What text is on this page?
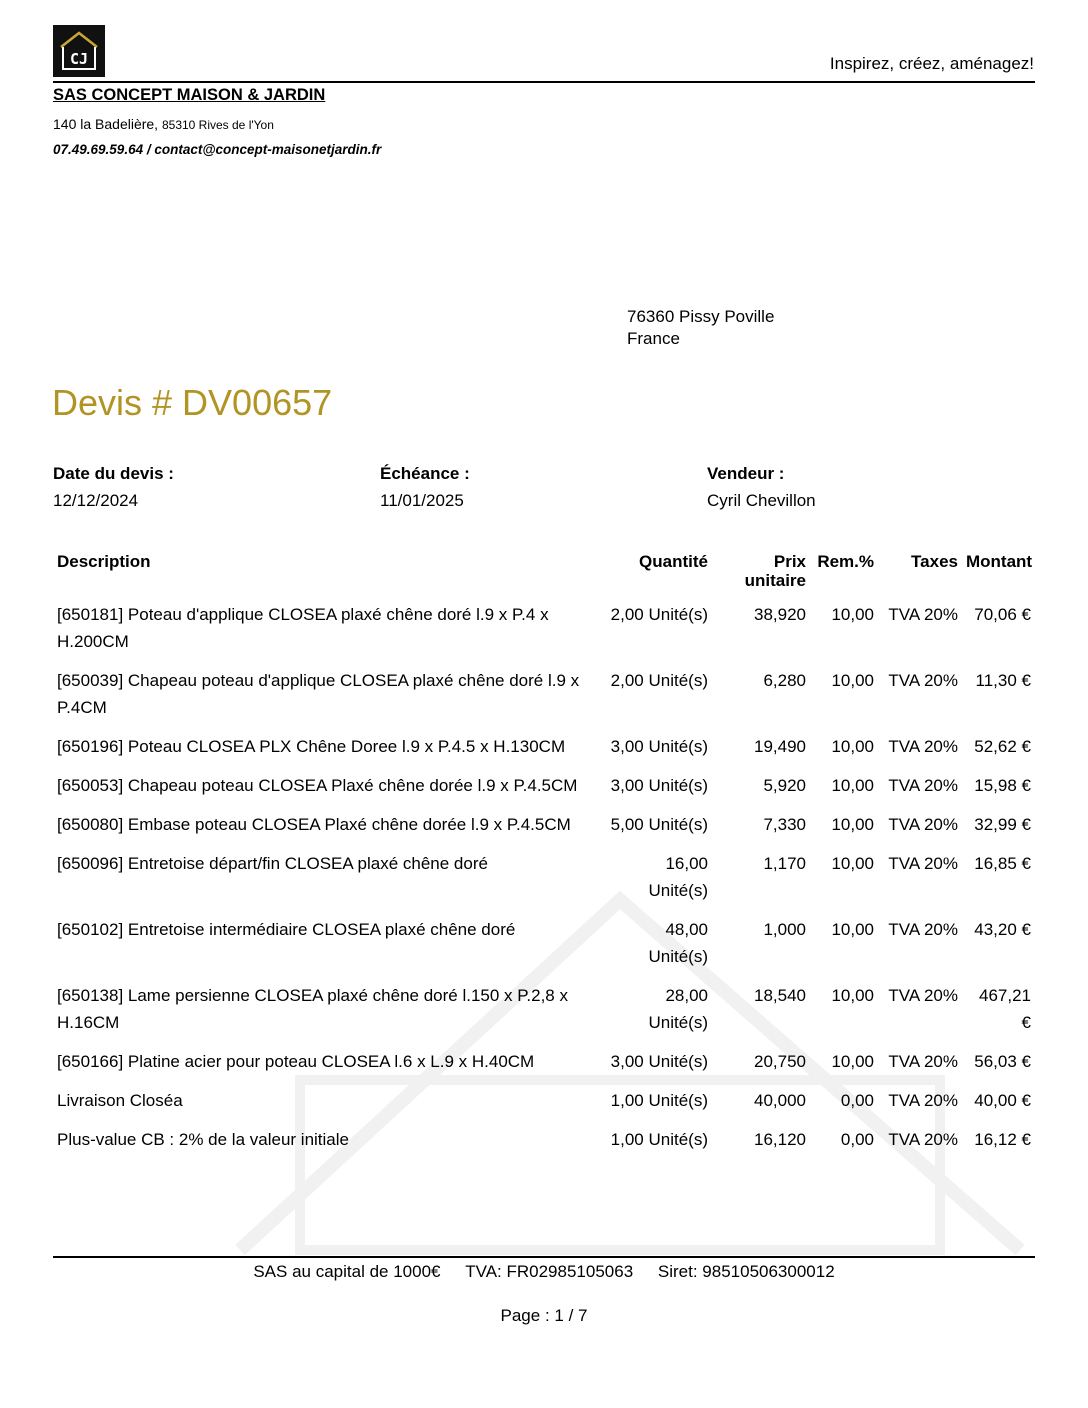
CJ	Inspirez, créez, aménagez!
SAS CONCEPT MAISON & JARDIN
140 la Badelière, 85310 Rives de l'Yon
07.49.69.59.64 / contact@concept-maisonetjardin.fr
76360 Pissy Poville
France
Devis # DV00657
Date du devis :
12/12/2024
Échéance :
11/01/2025
Vendeur :
Cyril Chevillon
Description	Quantité	Prix unitaire	Rem.%	Taxes	Montant
[650181] Poteau d'applique CLOSEA plaxé chêne doré l.9 x P.4 x H.200CM	2,00 Unité(s)	38,920	10,00	TVA 20%	70,06 €
[650039] Chapeau poteau d'applique CLOSEA plaxé chêne doré l.9 x P.4CM	2,00 Unité(s)	6,280	10,00	TVA 20%	11,30 €
[650196] Poteau CLOSEA PLX Chêne Doree l.9 x P.4.5 x H.130CM	3,00 Unité(s)	19,490	10,00	TVA 20%	52,62 €
[650053] Chapeau poteau CLOSEA Plaxé chêne dorée l.9 x P.4.5CM	3,00 Unité(s)	5,920	10,00	TVA 20%	15,98 €
[650080] Embase poteau CLOSEA Plaxé chêne dorée l.9 x P.4.5CM	5,00 Unité(s)	7,330	10,00	TVA 20%	32,99 €
[650096] Entretoise départ/fin CLOSEA plaxé chêne doré	16,00 Unité(s)	1,170	10,00	TVA 20%	16,85 €
[650102] Entretoise intermédiaire CLOSEA plaxé chêne doré	48,00 Unité(s)	1,000	10,00	TVA 20%	43,20 €
[650138] Lame persienne CLOSEA plaxé chêne doré l.150 x P.2,8 x H.16CM	28,00 Unité(s)	18,540	10,00	TVA 20%	467,21 €
[650166] Platine acier pour poteau CLOSEA l.6 x L.9 x H.40CM	3,00 Unité(s)	20,750	10,00	TVA 20%	56,03 €
Livraison Closéa	1,00 Unité(s)	40,000	0,00	TVA 20%	40,00 €
Plus-value CB : 2% de la valeur initiale	1,00 Unité(s)	16,120	0,00	TVA 20%	16,12 €
SAS au capital de 1000€ TVA: FR02985105063 Siret: 98510506300012
Page : 1 / 7
